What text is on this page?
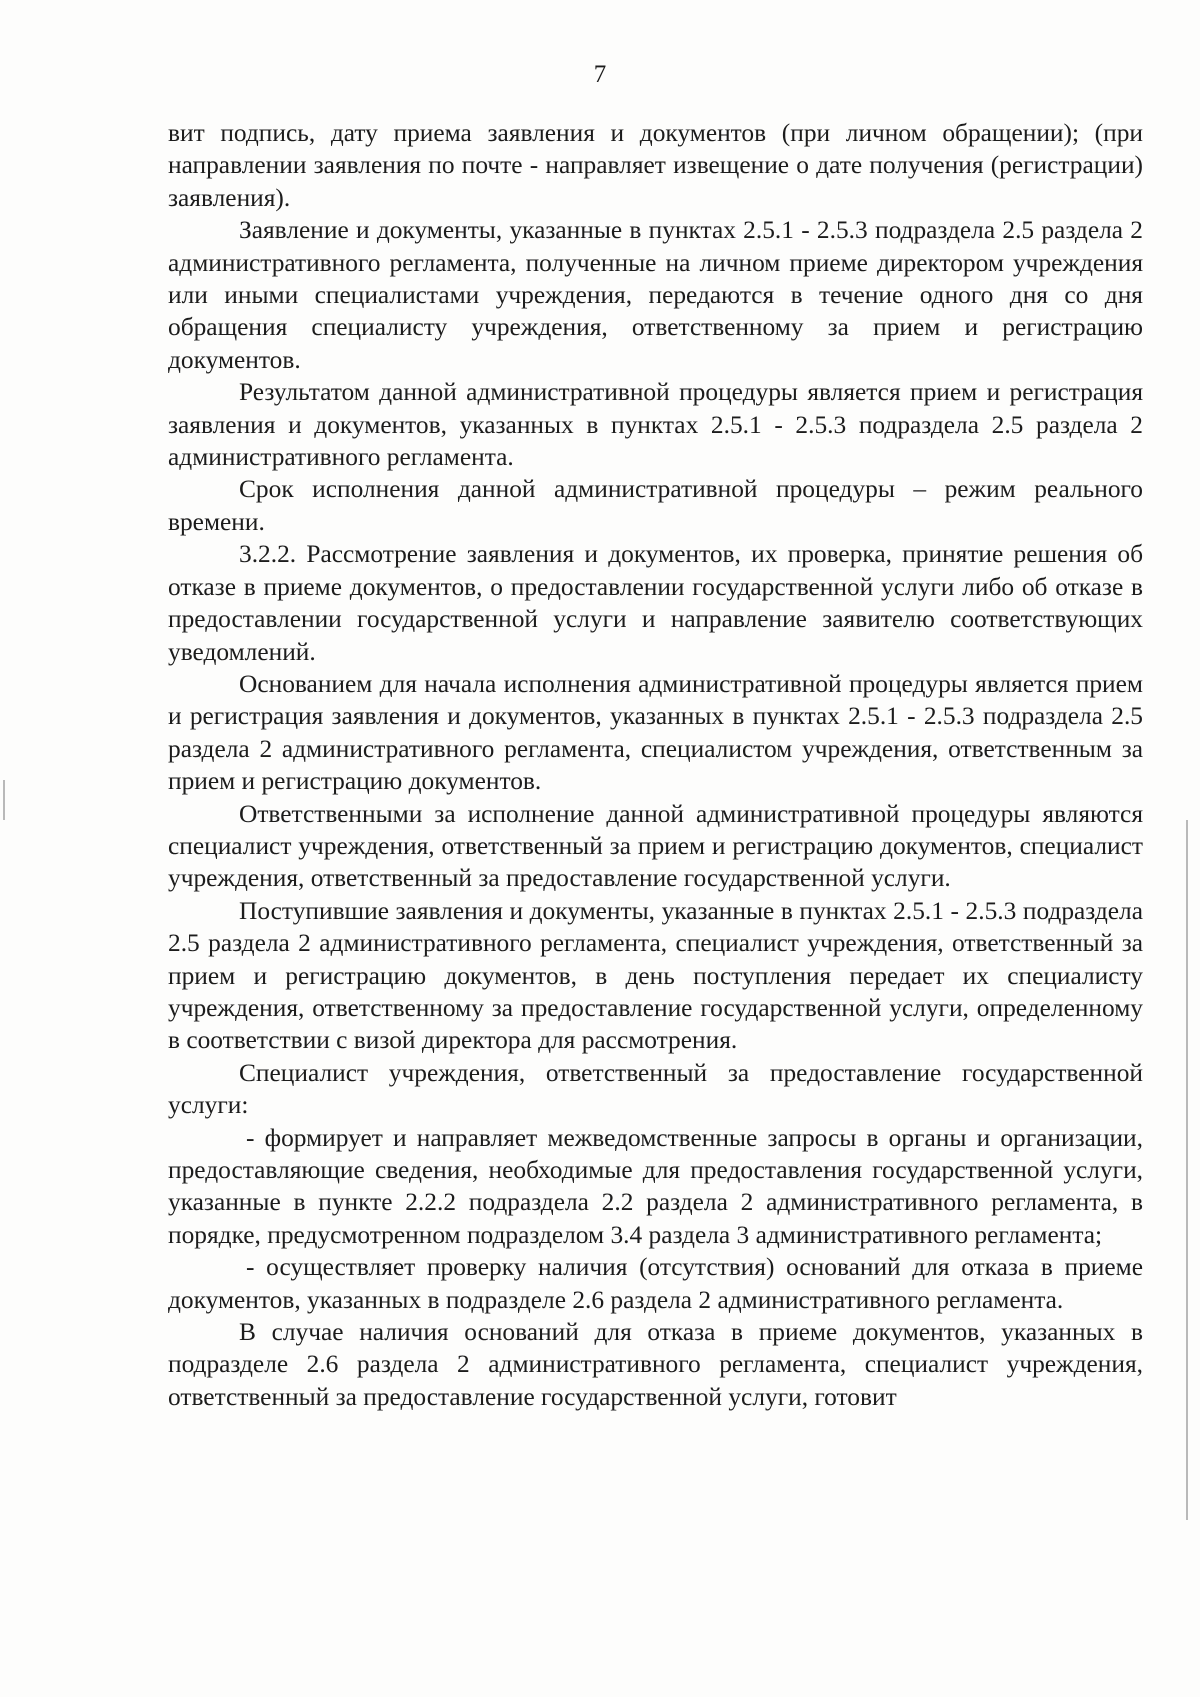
7

вит подпись, дату приема заявления и документов (при личном обращении); (при направлении заявления по почте - направляет извещение о дате получения (регистрации) заявления).

Заявление и документы, указанные в пунктах 2.5.1 - 2.5.3 подраздела 2.5 раздела 2 административного регламента, полученные на личном приеме директором учреждения или иными специалистами учреждения, передаются в течение одного дня со дня обращения специалисту учреждения, ответственному за прием и регистрацию документов.

Результатом данной административной процедуры является прием и регистрация заявления и документов, указанных в пунктах 2.5.1 - 2.5.3 подраздела 2.5 раздела 2 административного регламента.

Срок исполнения данной административной процедуры – режим реального времени.

3.2.2. Рассмотрение заявления и документов, их проверка, принятие решения об отказе в приеме документов, о предоставлении государственной услуги либо об отказе в предоставлении государственной услуги и направление заявителю соответствующих уведомлений.

Основанием для начала исполнения административной процедуры является прием и регистрация заявления и документов, указанных в пунктах 2.5.1 - 2.5.3 подраздела 2.5 раздела 2 административного регламента, специалистом учреждения, ответственным за прием и регистрацию документов.

Ответственными за исполнение данной административной процедуры являются специалист учреждения, ответственный за прием и регистрацию документов, специалист учреждения, ответственный за предоставление государственной услуги.

Поступившие заявления и документы, указанные в пунктах 2.5.1 - 2.5.3 подраздела 2.5 раздела 2 административного регламента, специалист учреждения, ответственный за прием и регистрацию документов, в день поступления передает их специалисту учреждения, ответственному за предоставление государственной услуги, определенному в соответствии с визой директора для рассмотрения.

Специалист учреждения, ответственный за предоставление государственной услуги:

- формирует и направляет межведомственные запросы в органы и организации, предоставляющие сведения, необходимые для предоставления государственной услуги, указанные в пункте 2.2.2 подраздела 2.2 раздела 2 административного регламента, в порядке, предусмотренном подразделом 3.4 раздела 3 административного регламента;

- осуществляет проверку наличия (отсутствия) оснований для отказа в приеме документов, указанных в подразделе 2.6 раздела 2 административного регламента.

В случае наличия оснований для отказа в приеме документов, указанных в подразделе 2.6 раздела 2 административного регламента, специалист учреждения, ответственный за предоставление государственной услуги, готовит
